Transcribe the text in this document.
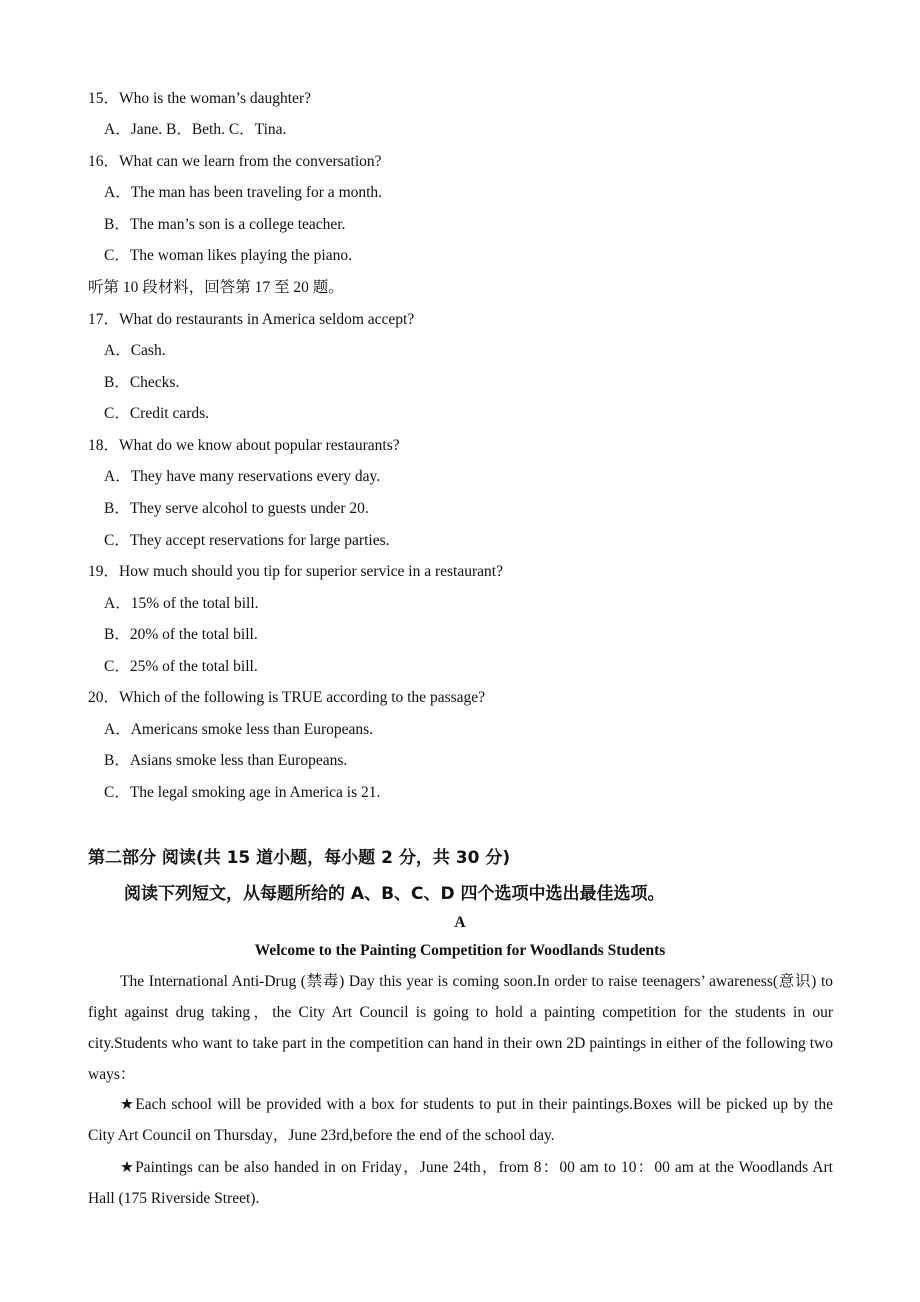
15．Who is the woman’s daughter?
A．Jane. B．Beth. C．Tina.
16．What can we learn from the conversation?
A．The man has been traveling for a month.
B．The man’s son is a college teacher.
C．The woman likes playing the piano.
听第 10 段材料，回答第 17 至 20 题。
17．What do restaurants in America seldom accept?
A．Cash.
B．Checks.
C．Credit cards.
18．What do we know about popular restaurants?
A．They have many reservations every day.
B．They serve alcohol to guests under 20.
C．They accept reservations for large parties.
19．How much should you tip for superior service in a restaurant?
A．15% of the total bill.
B．20% of the total bill.
C．25% of the total bill.
20．Which of the following is TRUE according to the passage?
A．Americans smoke less than Europeans.
B．Asians smoke less than Europeans.
C．The legal smoking age in America is 21.
第二部分 阅读(共 15 道小题，每小题 2 分，共 30 分)
阅读下列短文，从每题所给的 A、B、C、D 四个选项中选出最佳选项。
A
Welcome to the Painting Competition for Woodlands Students

The International Anti-Drug (禁毒) Day this year is coming soon.In order to raise teenagers’ awareness(意识) to fight against drug taking，the City Art Council is going to hold a painting competition for the students in our city.Students who want to take part in the competition can hand in their own 2D paintings in either of the following two ways：

★Each school will be provided with a box for students to put in their paintings.Boxes will be picked up by the City Art Council on Thursday，June 23rd,before the end of the school day.

★Paintings can be also handed in on Friday，June 24th，from 8：00 am to 10：00 am at the Woodlands Art Hall (175 Riverside Street).
